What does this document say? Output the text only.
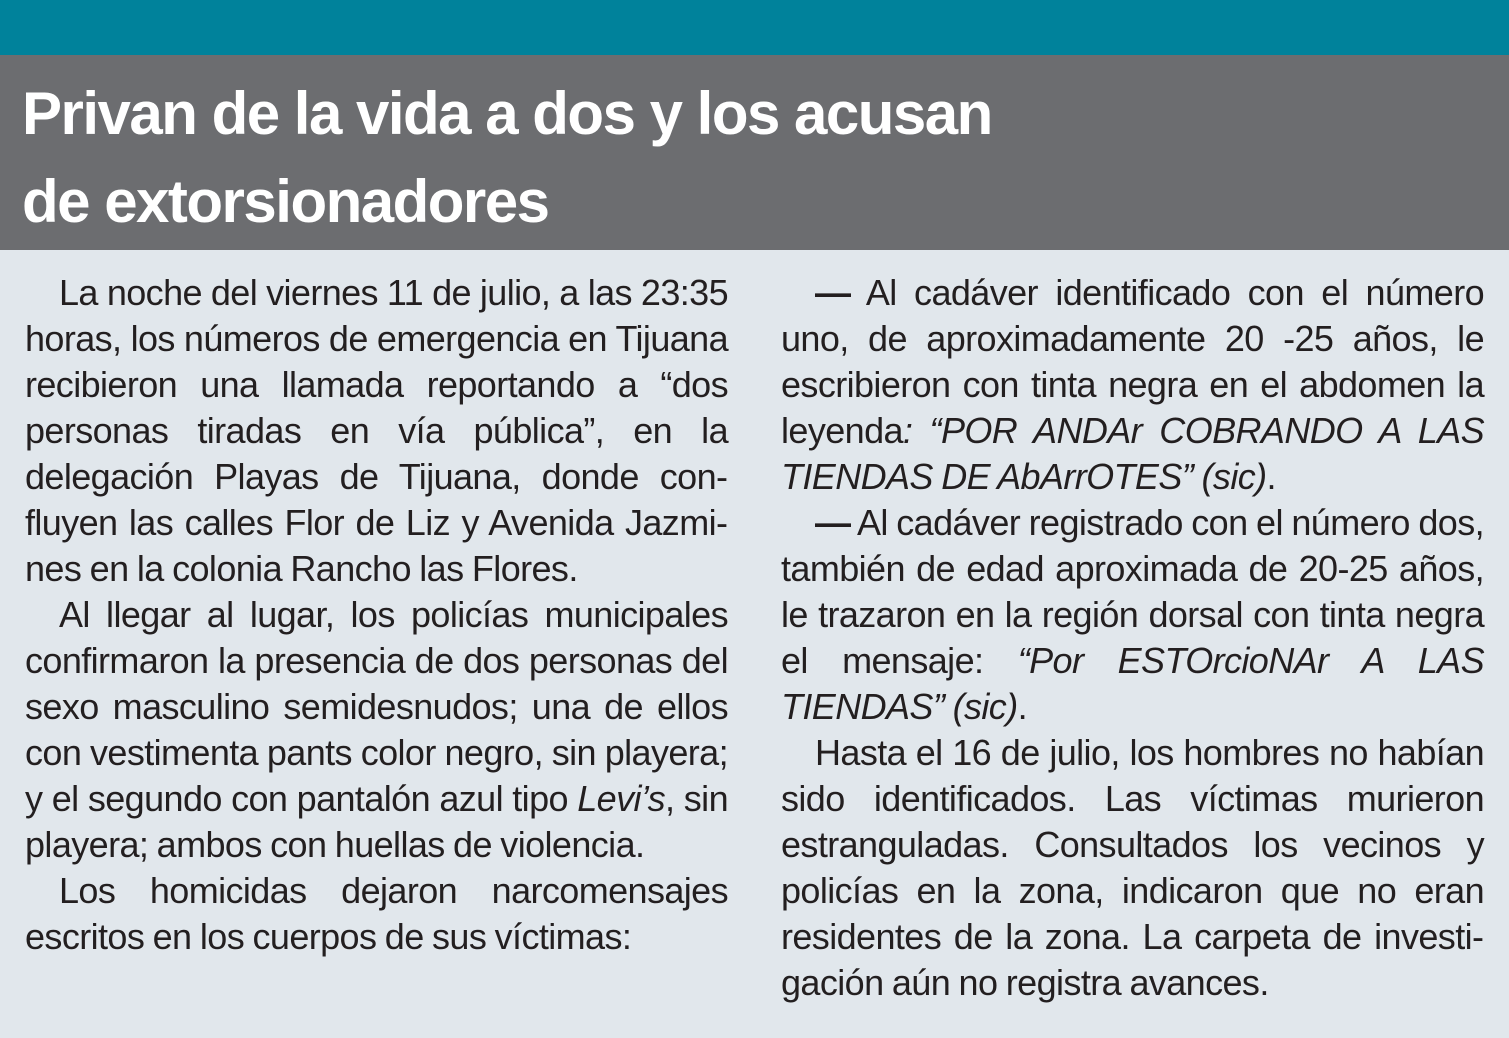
Privan de la vida a dos y los acusan
de extorsionadores

La noche del viernes 11 de julio, a las 23:35 horas, los números de emergencia en Tijuana recibieron una llamada reportando a “dos personas tiradas en vía pública”, en la delegación Playas de Tijuana, donde confluyen las calles Flor de Liz y Avenida Jazmines en la colonia Rancho las Flores.

Al llegar al lugar, los policías municipales confirmaron la presencia de dos personas del sexo masculino semidesnudos; una de ellos con vestimenta pants color negro, sin playera; y el segundo con pantalón azul tipo Levi’s, sin playera; ambos con huellas de violencia.

Los homicidas dejaron narcomensajes escritos en los cuerpos de sus víctimas:

— Al cadáver identificado con el número uno, de aproximadamente 20 -25 años, le escribieron con tinta negra en el abdomen la leyenda: “POR ANDAr COBRANDO A LAS TIENDAS DE AbArrOTES” (sic).

— Al cadáver registrado con el número dos, también de edad aproximada de 20-25 años, le trazaron en la región dorsal con tinta negra el mensaje: “Por ESTOrcioNAr A LAS TIENDAS” (sic).

Hasta el 16 de julio, los hombres no habían sido identificados. Las víctimas murieron estranguladas. Consultados los vecinos y policías en la zona, indicaron que no eran residentes de la zona. La carpeta de investigación aún no registra avances.
